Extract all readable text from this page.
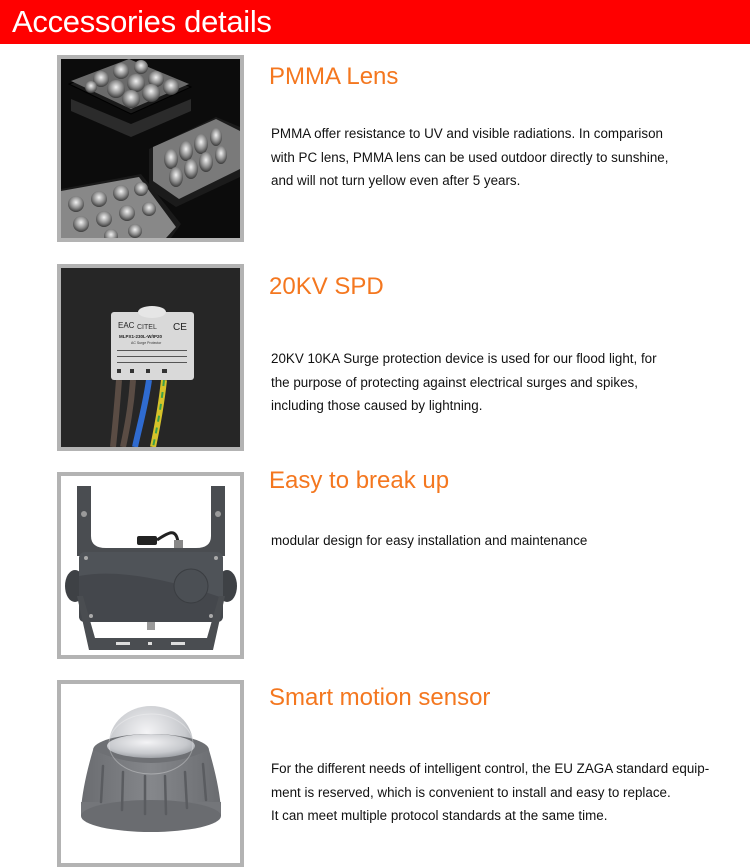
Accessories details
PMMA Lens

PMMA offer resistance to UV and visible radiations. In comparison

with PC lens, PMMA lens can be used outdoor directly to sunshine,

and will not turn yellow even after 5 years.

EAC CITEL CE
MLPX1-230L-W/IP20
AC Surge Protector
20KV SPD

20KV 10KA Surge protection device is used for our flood light, for

the purpose of protecting against electrical surges and spikes,

including those caused by lightning.

Easy to break up

modular design for easy installation and maintenance

Smart motion sensor

For the different needs of intelligent control, the EU ZAGA standard equip-

ment is reserved, which is convenient to install and easy to replace.

It can meet multiple protocol standards at the same time.
